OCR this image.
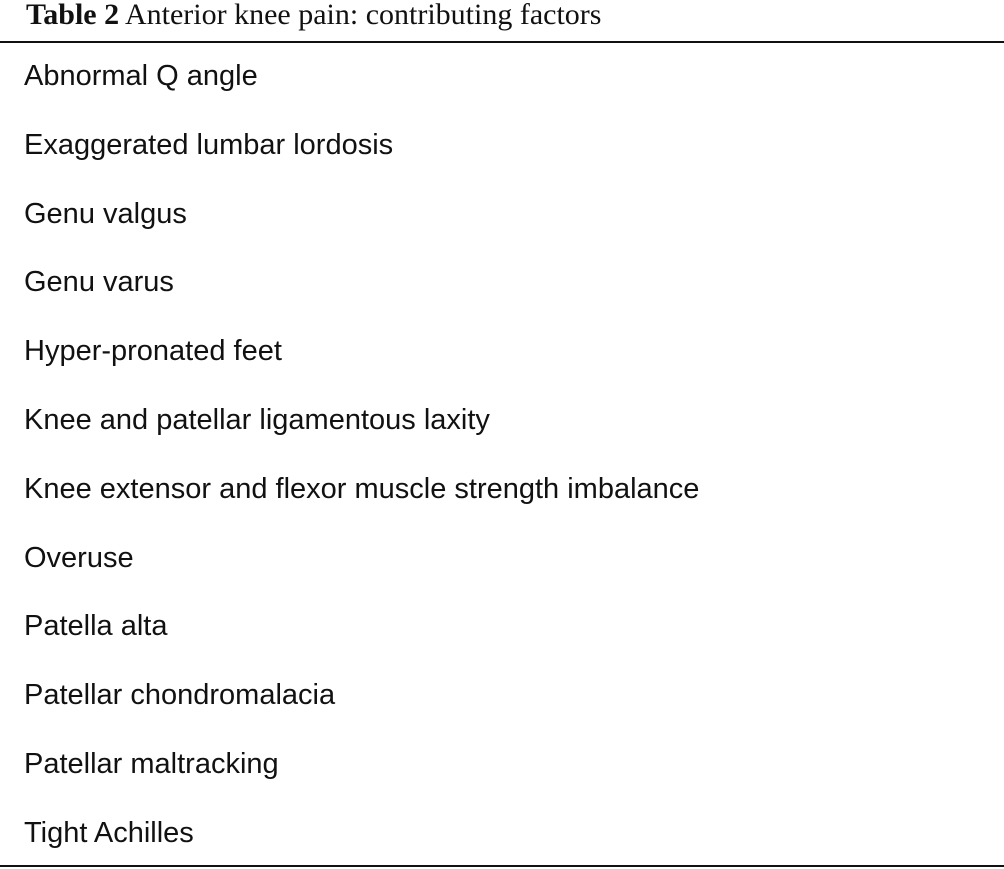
Table 2 Anterior knee pain: contributing factors
Abnormal Q angle
Exaggerated lumbar lordosis
Genu valgus
Genu varus
Hyper-pronated feet
Knee and patellar ligamentous laxity
Knee extensor and flexor muscle strength imbalance
Overuse
Patella alta
Patellar chondromalacia
Patellar maltracking
Tight Achilles
